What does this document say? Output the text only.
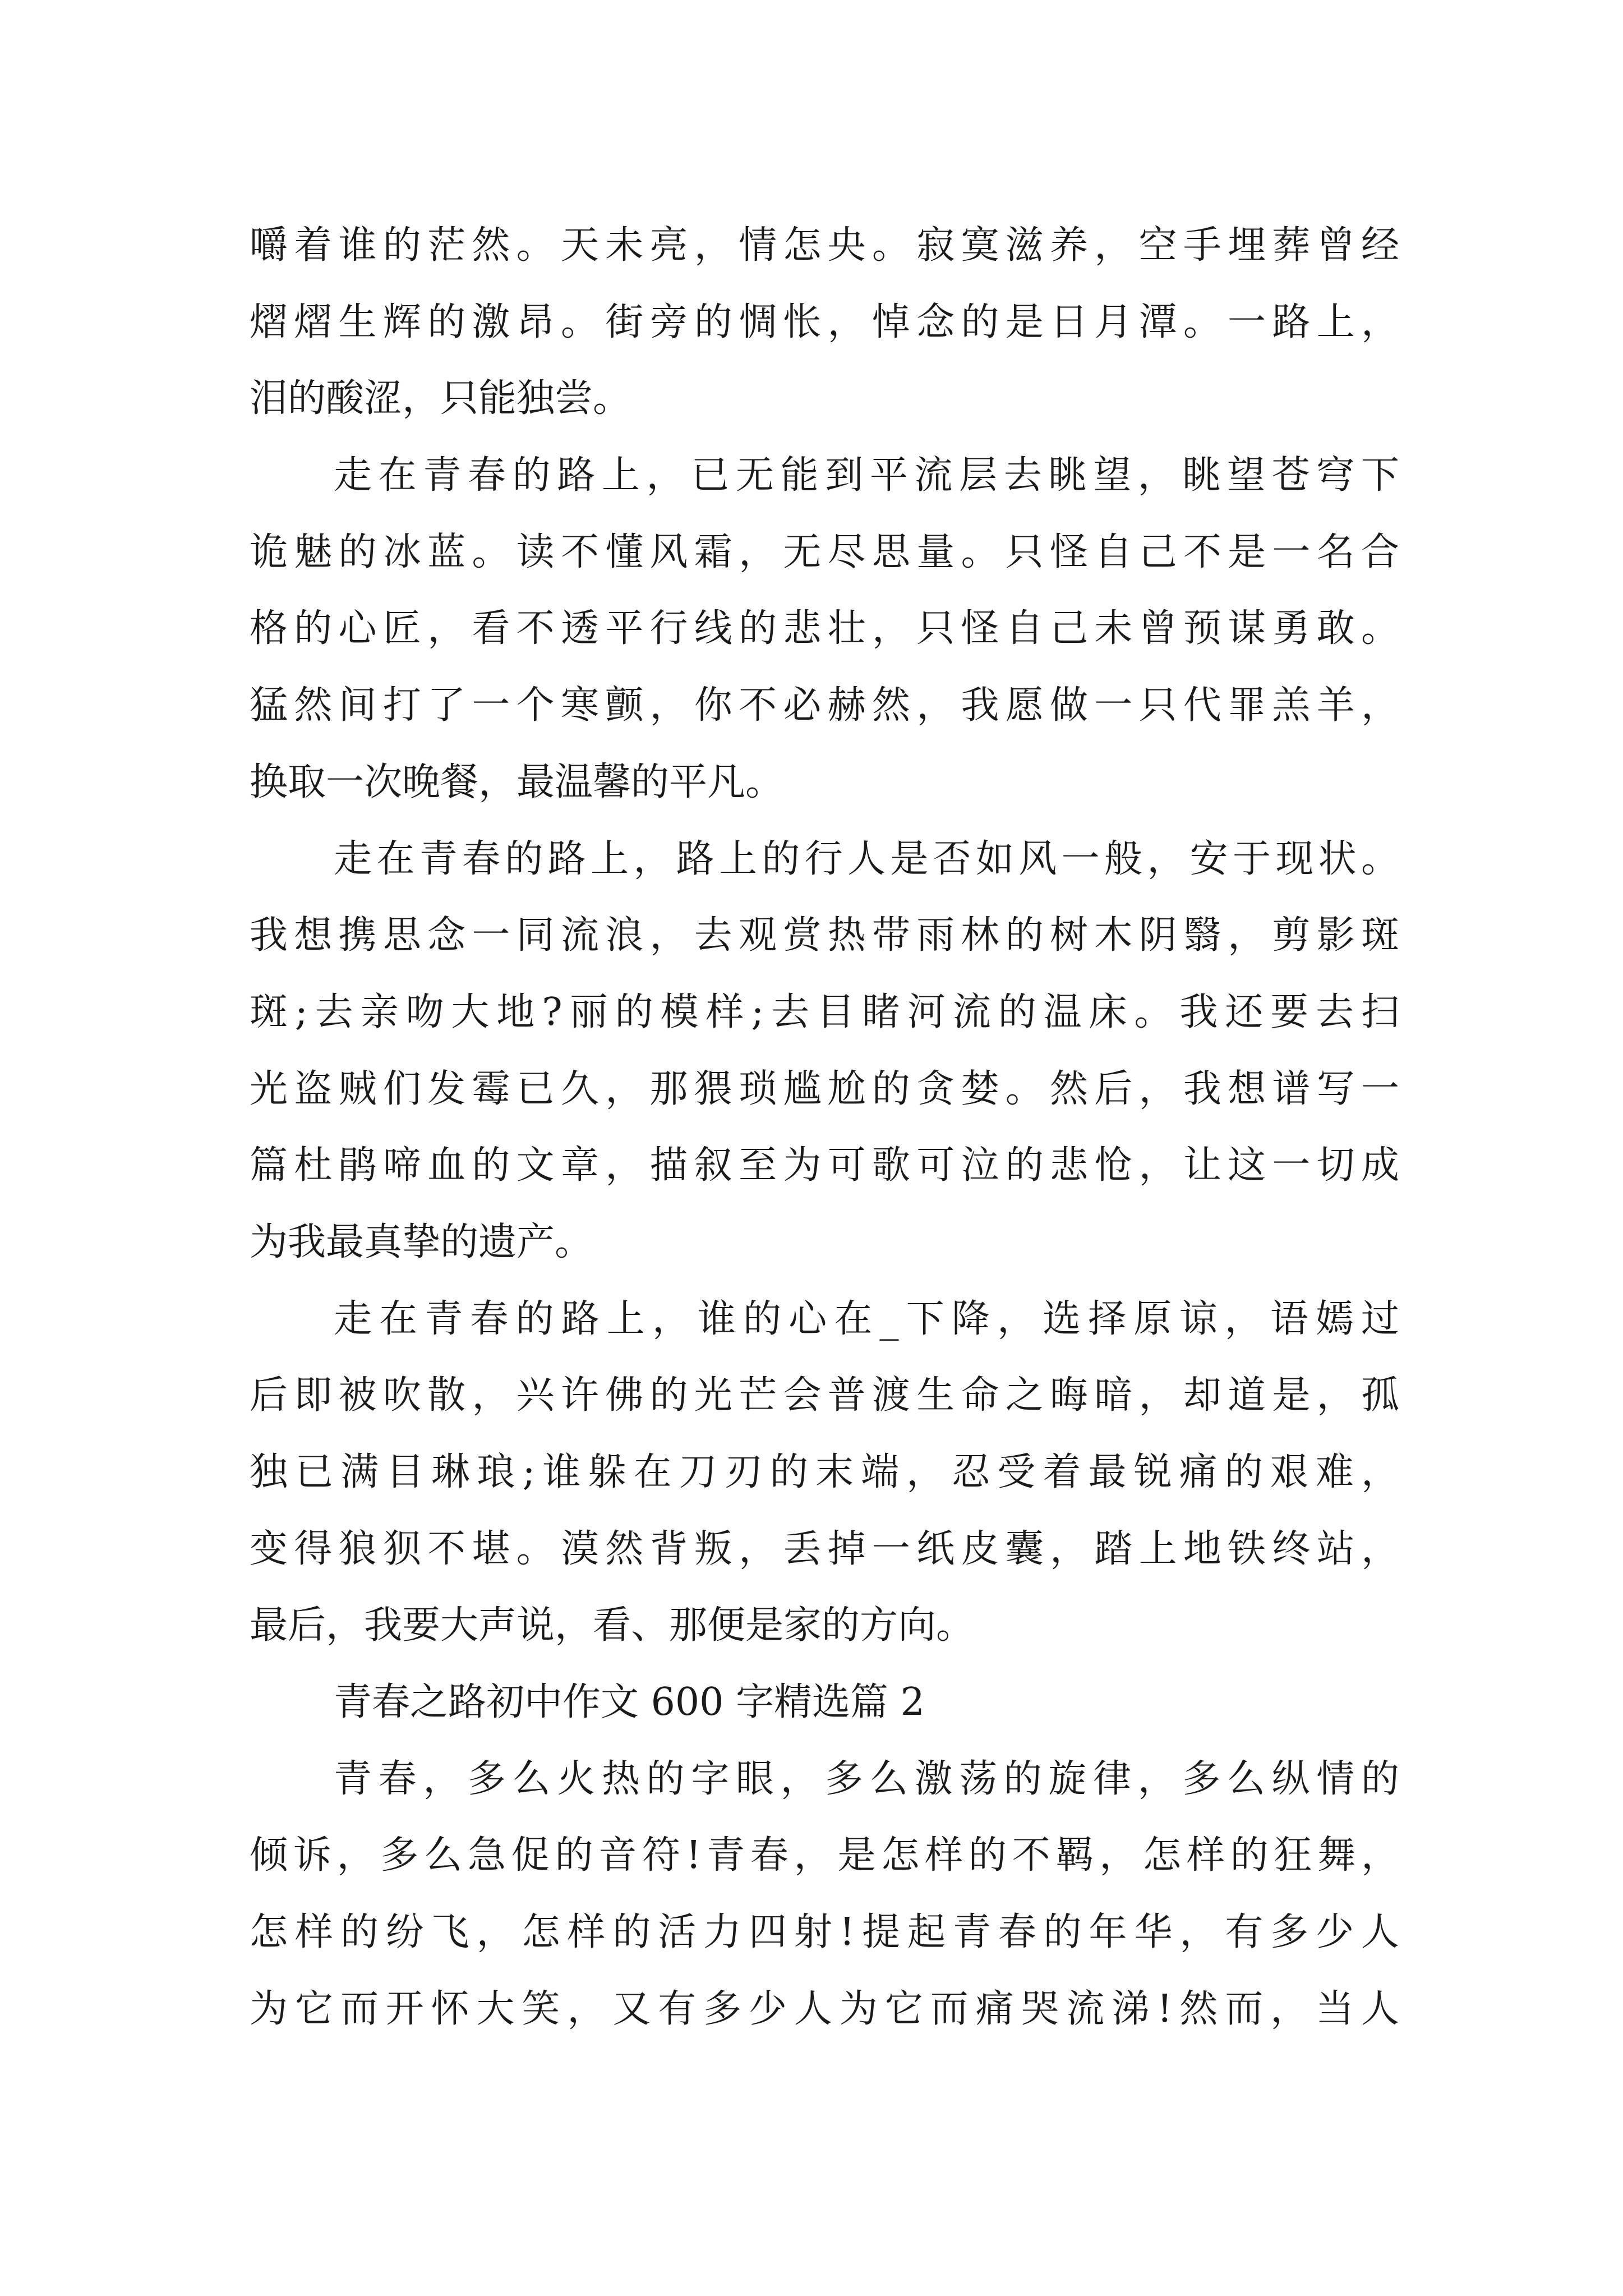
嚼着谁的茫然。天未亮，情怎央。寂寞滋养，空手埋葬曾经
熠熠生辉的激昂。街旁的惆怅，悼念的是日月潭。一路上，
泪的酸涩，只能独尝。
走在青春的路上，已无能到平流层去眺望，眺望苍穹下
诡魅的冰蓝。读不懂风霜，无尽思量。只怪自己不是一名合
格的心匠，看不透平行线的悲壮，只怪自己未曾预谋勇敢。
猛然间打了一个寒颤，你不必赫然，我愿做一只代罪羔羊，
换取一次晚餐，最温馨的平凡。
走在青春的路上，路上的行人是否如风一般，安于现状。
我想携思念一同流浪，去观赏热带雨林的树木阴翳，剪影斑
斑;去亲吻大地?丽的模样;去目睹河流的温床。我还要去扫
光盗贼们发霉已久，那猥琐尴尬的贪婪。然后，我想谱写一
篇杜鹃啼血的文章，描叙至为可歌可泣的悲怆，让这一切成
为我最真挚的遗产。
走在青春的路上，谁的心在_下降，选择原谅，语嫣过
后即被吹散，兴许佛的光芒会普渡生命之晦暗，却道是，孤
独已满目琳琅;谁躲在刀刃的末端，忍受着最锐痛的艰难，
变得狼狈不堪。漠然背叛，丢掉一纸皮囊，踏上地铁终站，
最后，我要大声说，看、那便是家的方向。
青春之路初中作文 600 字精选篇 2
青春，多么火热的字眼，多么激荡的旋律，多么纵情的
倾诉，多么急促的音符!青春，是怎样的不羁，怎样的狂舞，
怎样的纷飞，怎样的活力四射!提起青春的年华，有多少人
为它而开怀大笑，又有多少人为它而痛哭流涕!然而，当人
